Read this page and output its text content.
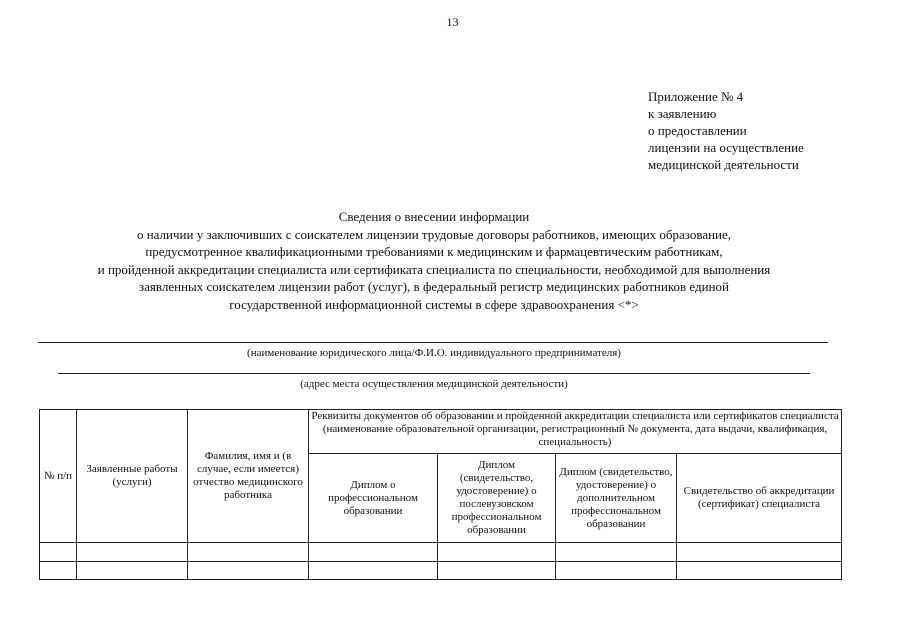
13
Приложение № 4
к заявлению
о предоставлении
лицензии на осуществление
медицинской деятельности
Сведения о внесении информации
о наличии у заключивших с соискателем лицензии трудовые договоры работников, имеющих образование,
предусмотренное квалификационными требованиями к медицинским и фармацевтическим работникам,
и пройденной аккредитации специалиста или сертификата специалиста по специальности, необходимой для выполнения
заявленных соискателем лицензии работ (услуг), в федеральный регистр медицинских работников единой
государственной информационной системы в сфере здравоохранения <*>
(наименование юридического лица/Ф.И.О. индивидуального предпринимателя)
(адрес места осуществления медицинской деятельности)
№ п/п	Заявленные работы (услуги)	Фамилия, имя и (в случае, если имеется) отчество медицинского работника	Реквизиты документов об образовании и пройденной аккредитации специалиста или сертификатов специалиста (наименование образовательной организации, регистрационный № документа, дата выдачи, квалификация, специальность)			
			Диплом о профессиональном образовании	Диплом (свидетельство, удостоверение) о послевузовском профессиональном образовании	Диплом (свидетельство, удостоверение) о дополнительном профессиональном образовании	Свидетельство об аккредитации (сертификат) специалиста
